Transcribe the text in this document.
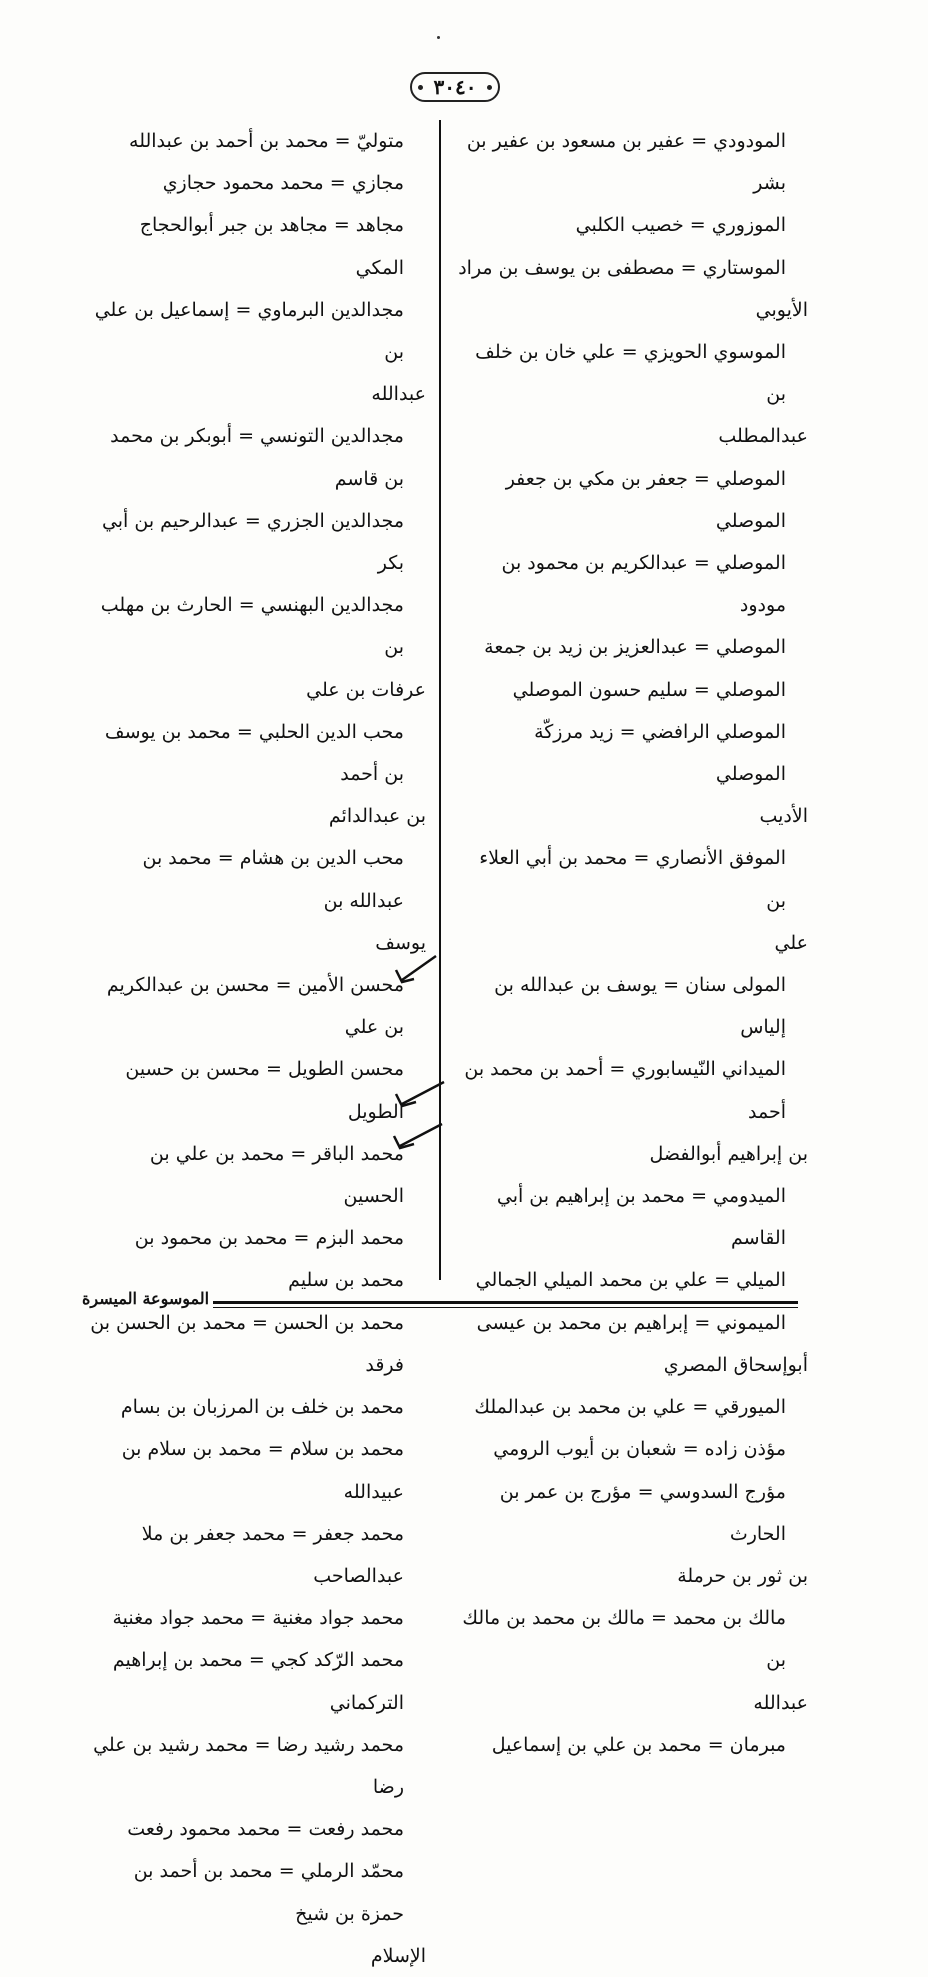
٣٠٤٠
المودودي = عفير بن مسعود بن عفير بن بشر
الموزوري = خصيب الكلبي
الموستاري = مصطفى بن يوسف بن مراد
الأيوبي
الموسوي الحويزي = علي خان بن خلف بن
عبدالمطلب
الموصلي = جعفر بن مكي بن جعفر الموصلي
الموصلي = عبدالكريم بن محمود بن مودود
الموصلي = عبدالعزيز بن زيد بن جمعة
الموصلي = سليم حسون الموصلي
الموصلي الرافضي = زيد مرزكّة الموصلي
الأديب
الموفق الأنصاري = محمد بن أبي العلاء بن
علي
المولى سنان = يوسف بن عبدالله بن إلياس
الميداني النّيسابوري = أحمد بن محمد بن أحمد
بن إبراهيم أبوالفضل
الميدومي = محمد بن إبراهيم بن أبي القاسم
الميلي = علي بن محمد الميلي الجمالي
الميموني = إبراهيم بن محمد بن عيسى
أبوإسحاق المصري
الميورقي = علي بن محمد بن عبدالملك
مؤذن زاده = شعبان بن أيوب الرومي
مؤرج السدوسي = مؤرج بن عمر بن الحارث
بن ثور بن حرملة
مالك بن محمد = مالك بن محمد بن مالك بن
عبدالله
مبرمان = محمد بن علي بن إسماعيل
متوليّ = محمد بن أحمد بن عبدالله
مجازي = محمد محمود حجازي
مجاهد = مجاهد بن جبر أبوالحجاج المكي
مجدالدين البرماوي = إسماعيل بن علي بن
عبدالله
مجدالدين التونسي = أبوبكر بن محمد بن قاسم
مجدالدين الجزري = عبدالرحيم بن أبي بكر
مجدالدين البهنسي = الحارث بن مهلب بن
عرفات بن علي
محب الدين الحلبي = محمد بن يوسف بن أحمد
بن عبدالدائم
محب الدين بن هشام = محمد بن عبدالله بن
يوسف
محسن الأمين = محسن بن عبدالكريم بن علي
محسن الطويل = محسن بن حسين الطويل
محمد الباقر = محمد بن علي بن الحسين
محمد البزم = محمد بن محمود بن محمد بن سليم
محمد بن الحسن = محمد بن الحسن بن فرقد
محمد بن خلف بن المرزبان بن بسام
محمد بن سلام = محمد بن سلام بن عبيدالله
محمد جعفر = محمد جعفر بن ملا عبدالصاحب
محمد جواد مغنية = محمد جواد مغنية
محمد الرّكد كجي = محمد بن إبراهيم التركماني
محمد رشيد رضا = محمد رشيد بن علي رضا
محمد رفعت = محمد محمود رفعت
محمّد الرملي = محمد بن أحمد بن حمزة بن شيخ
الإسلام
الموسوعة الميسرة
